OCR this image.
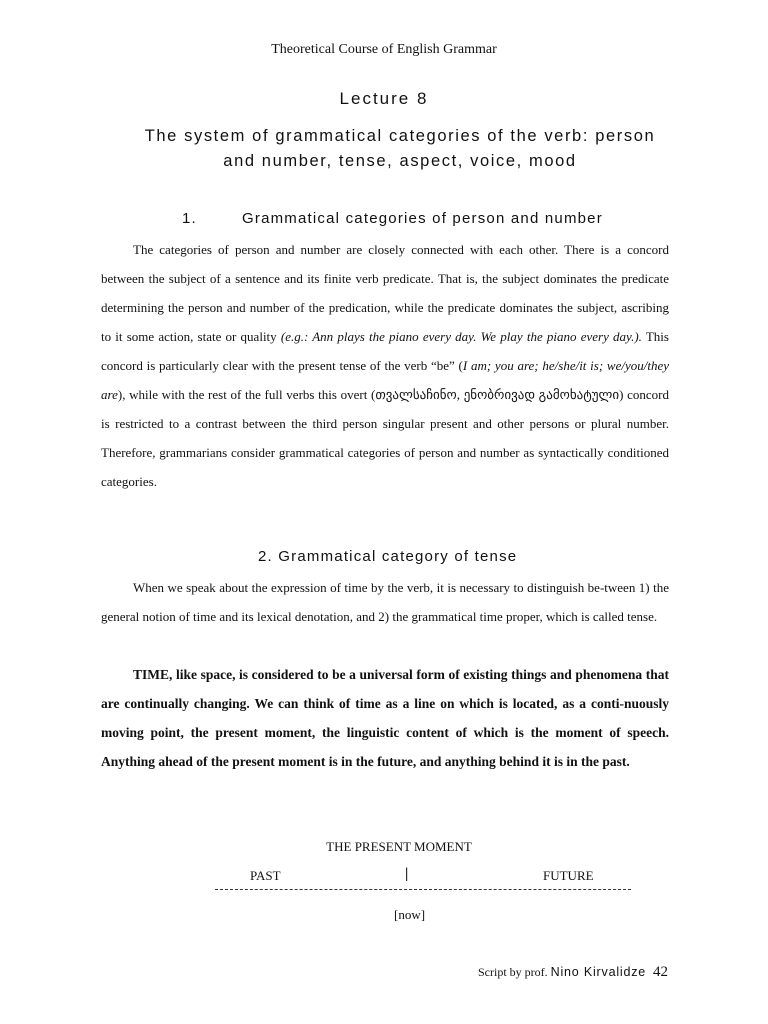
Theoretical Course of English Grammar
Lecture 8
The system of grammatical categories of the verb: person
and number, tense, aspect, voice, mood
1.	Grammatical categories of person and number
The categories of person and number are closely connected with each other. There is a concord between the subject of a sentence and its finite verb predicate. That is, the subject dominates the predicate determining the person and number of the predication, while the predicate dominates the subject, ascribing to it some action, state or quality (e.g.: Ann plays the piano every day. We play the piano every day.). This concord is particularly clear with the present tense of the verb “be” (I am; you are; he/she/it is; we/you/they are), while with the rest of the full verbs this overt (თვალსაჩინო, ენობრივად გამოხატული) concord is restricted to a contrast between the third person singular present and other persons or plural number. Therefore, grammarians consider grammatical categories of person and number as syntactically conditioned categories.
2. Grammatical category of tense
When we speak about the expression of time by the verb, it is necessary to distinguish be-tween 1) the general notion of time and its lexical denotation, and 2) the grammatical time proper, which is called tense.
TIME, like space, is considered to be a universal form of existing things and phenomena that are continually changing. We can think of time as a line on which is located, as a conti-nuously moving point, the present moment, the linguistic content of which is the moment of speech. Anything ahead of the present moment is in the future, and anything behind it is in the past.
THE PRESENT MOMENT
PAST	|	FUTURE
[now]
Script by prof. Nino Kirvalidze 42
